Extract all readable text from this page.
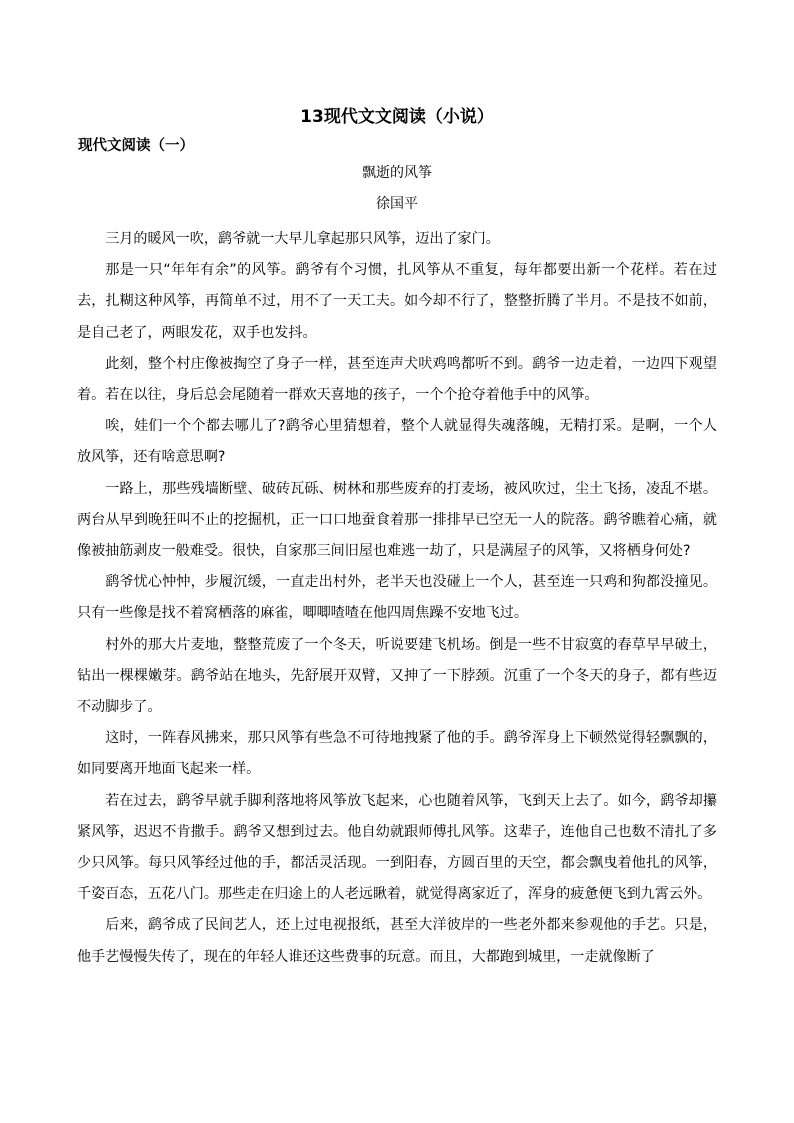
13现代文文阅读（小说）
现代文阅读（一）
飘逝的风筝
徐国平

三月的暖风一吹，鹞爷就一大早儿拿起那只风筝，迈出了家门。

那是一只“年年有余”的风筝。鹞爷有个习惯，扎风筝从不重复，每年都要出新一个花样。若在过去，扎糊这种风筝，再简单不过，用不了一天工夫。如今却不行了，整整折腾了半月。不是技不如前，是自己老了，两眼发花，双手也发抖。

此刻，整个村庄像被掏空了身子一样，甚至连声犬吠鸡鸣都听不到。鹞爷一边走着，一边四下观望着。若在以往，身后总会尾随着一群欢天喜地的孩子，一个个抢夺着他手中的风筝。

唉，娃们一个个都去哪儿了?鹞爷心里猜想着，整个人就显得失魂落魄，无精打采。是啊，一个人放风筝，还有啥意思啊?

一路上，那些残墙断壁、破砖瓦砾、树林和那些废弃的打麦场，被风吹过，尘土飞扬，凌乱不堪。两台从早到晚狂叫不止的挖掘机，正一口口地蚕食着那一排排早已空无一人的院落。鹞爷瞧着心痛，就像被抽筋剥皮一般难受。很快，自家那三间旧屋也难逃一劫了，只是满屋子的风筝，又将栖身何处?

鹞爷忧心忡忡，步履沉缓，一直走出村外，老半天也没碰上一个人，甚至连一只鸡和狗都没撞见。只有一些像是找不着窝栖落的麻雀，唧唧喳喳在他四周焦躁不安地飞过。

村外的那大片麦地，整整荒废了一个冬天，听说要建飞机场。倒是一些不甘寂寞的春草早早破土，钻出一棵棵嫩芽。鹞爷站在地头，先舒展开双臂，又抻了一下脖颈。沉重了一个冬天的身子，都有些迈不动脚步了。

这时，一阵春风拂来，那只风筝有些急不可待地拽紧了他的手。鹞爷浑身上下顿然觉得轻飘飘的，如同要离开地面飞起来一样。

若在过去，鹞爷早就手脚利落地将风筝放飞起来，心也随着风筝，飞到天上去了。如今，鹞爷却攥紧风筝，迟迟不肯撒手。鹞爷又想到过去。他自幼就跟师傅扎风筝。这辈子，连他自己也数不清扎了多少只风筝。每只风筝经过他的手，都活灵活现。一到阳春，方圆百里的天空，都会飘曳着他扎的风筝，千姿百态，五花八门。那些走在归途上的人老远瞅着，就觉得离家近了，浑身的疲惫便飞到九霄云外。

后来，鹞爷成了民间艺人，还上过电视报纸，甚至大洋彼岸的一些老外都来参观他的手艺。只是，他手艺慢慢失传了，现在的年轻人谁还这些费事的玩意。而且，大都跑到城里，一走就像断了
